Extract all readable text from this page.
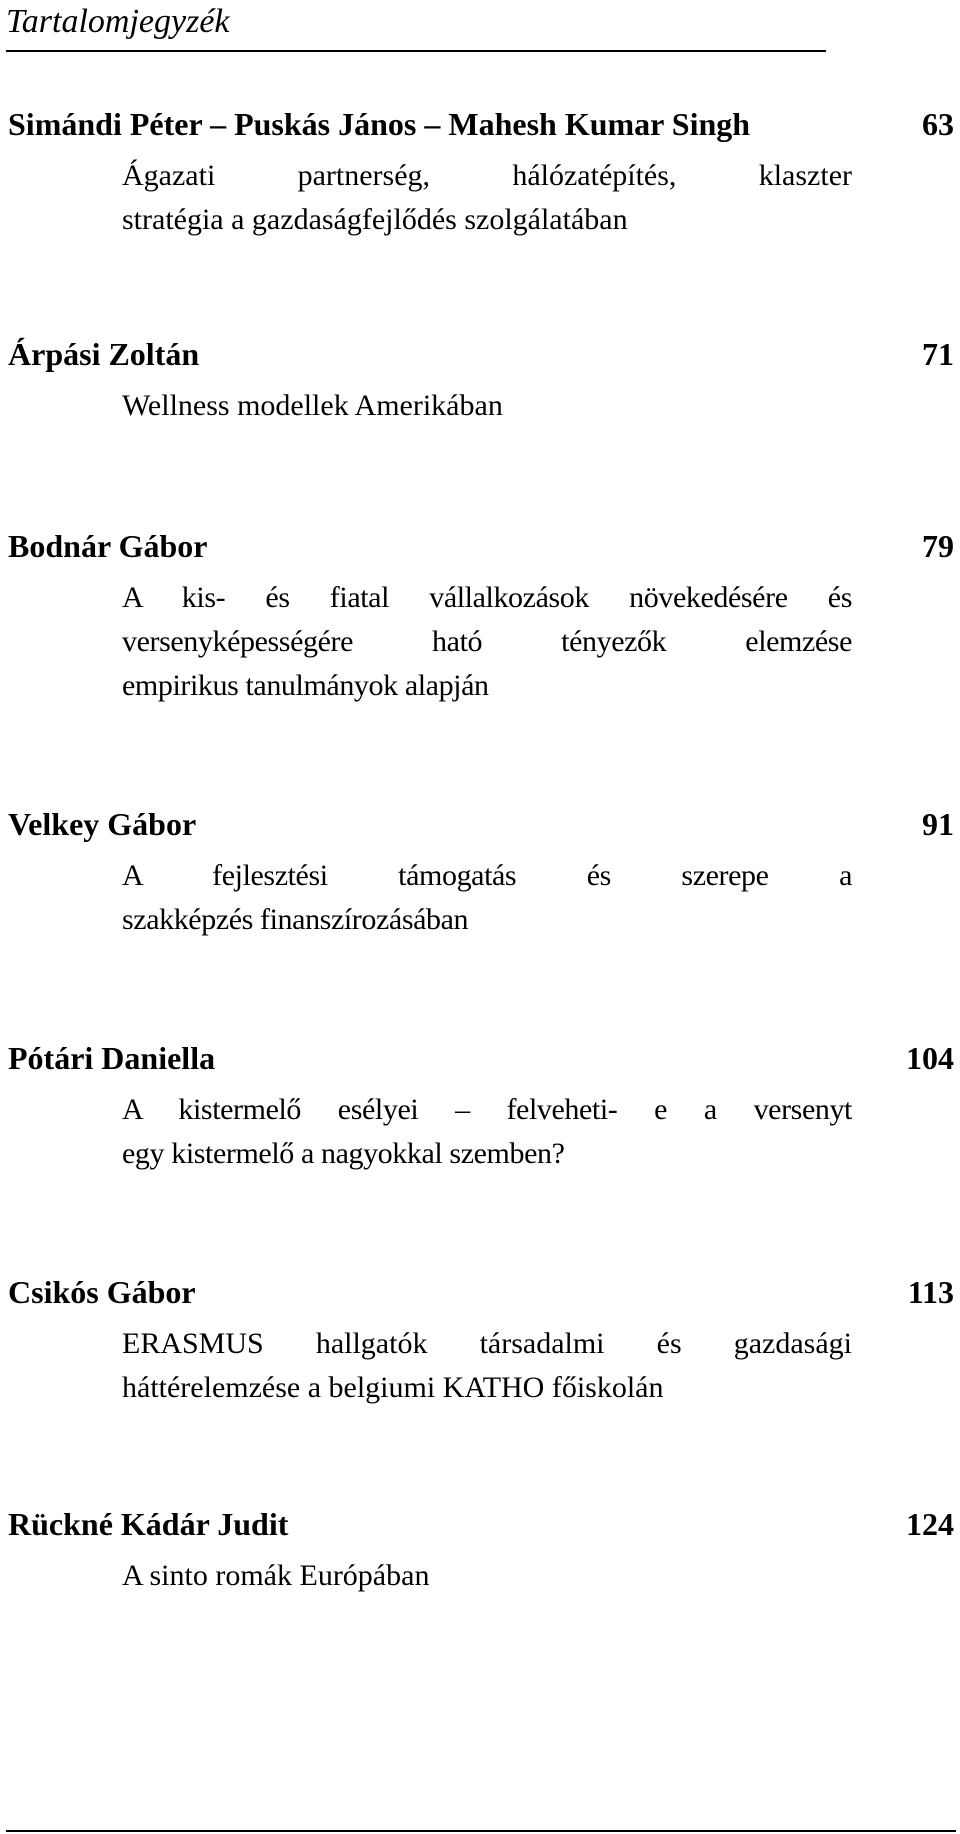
Tartalomjegyzék
Simándi Péter – Puskás János – Mahesh Kumar Singh	63
Ágazati partnerség, hálózatépítés, klaszter
stratégia a gazdaságfejlődés szolgálatában
Árpási Zoltán	71
Wellness modellek Amerikában
Bodnár Gábor	79
A kis- és fiatal vállalkozások növekedésére és
versenyképességére ható tényezők elemzése
empirikus tanulmányok alapján
Velkey Gábor	91
A fejlesztési támogatás és szerepe a
szakképzés finanszírozásában
Pótári Daniella	104
A kistermelő esélyei – felveheti- e a versenyt
egy kistermelő a nagyokkal szemben?
Csikós Gábor	113
ERASMUS hallgatók társadalmi és gazdasági
háttérelemzése a belgiumi KATHO főiskolán
Rückné Kádár Judit	124
A sinto romák Európában
